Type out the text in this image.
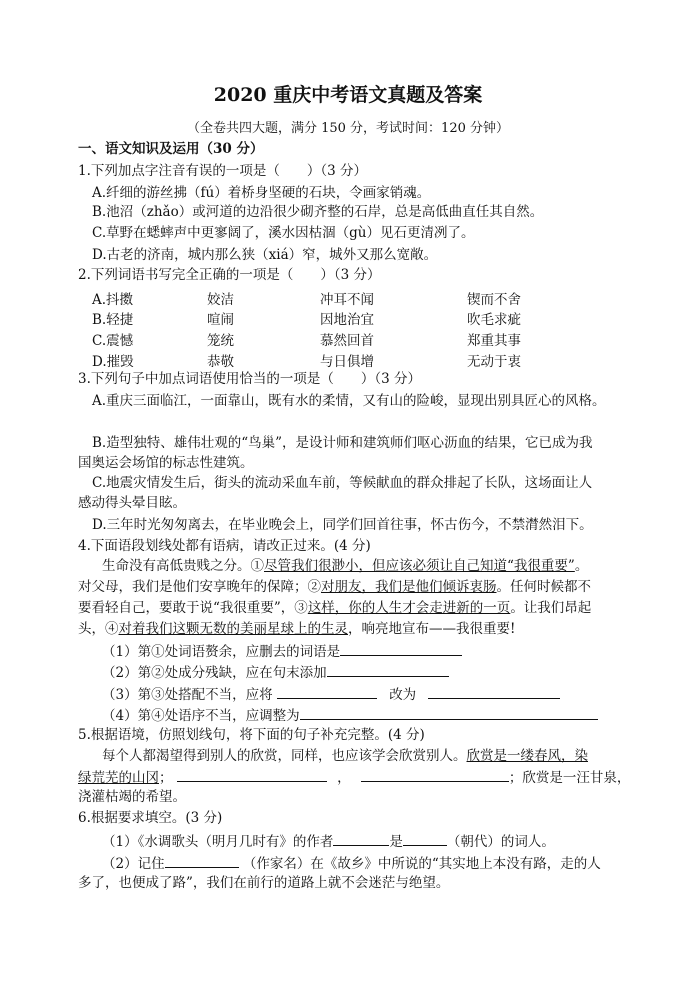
2020 重庆中考语文真题及答案
（全卷共四大题，满分 150 分，考试时间：120 分钟）
一、语文知识及运用（30 分）
1.下列加点字注音有误的一项是（　　）（3 分）
A.纤细的游丝拂（fú）着桥身坚硬的石块，令画家销魂。
B.池沼（zhǎo）或河道的边沿很少砌齐整的石岸，总是高低曲直任其自然。
C.草野在蟋蟀声中更寥阔了，溪水因枯涸（gù）见石更清冽了。
D.古老的济南，城内那么狭（xiá）窄，城外又那么宽敞。
2.下列词语书写完全正确的一项是（　　）（3 分）
A.抖擞	姣洁	冲耳不闻	锲而不舍
B.轻捷	喧闹	因地治宜	吹毛求疵
C.震憾	笼统	慕然回首	郑重其事
D.摧毁	恭敬	与日俱增	无动于衷
3.下列句子中加点词语使用恰当的一项是（　　）（3 分）
A.重庆三面临江，一面靠山，既有水的柔情，又有山的险峻，显现出别具匠心的风格。
B.造型独特、雄伟壮观的“鸟巢”，是设计师和建筑师们呕心沥血的结果，它已成为我
国奥运会场馆的标志性建筑。
C.地震灾情发生后，街头的流动采血车前，等候献血的群众排起了长队，这场面让人
感动得头晕目眩。
D.三年时光匆匆离去，在毕业晚会上，同学们回首往事，怀古伤今，不禁潸然泪下。
4.下面语段划线处都有语病，请改正过来。(4 分)
生命没有高低贵贱之分。①尽管我们很渺小，但应该必须让自己知道“我很重要”。
对父母，我们是他们安享晚年的保障；②对朋友，我们是他们倾诉衷肠。任何时候都不
要看轻自己，要敢于说“我很重要”，③这样，你的人生才会走进新的一页。让我们昂起
头，④对着我们这颗无数的美丽星球上的生灵，响亮地宣布——我很重要!
（1）第①处词语赘余，应删去的词语是
（2）第②处成分残缺，应在句末添加
（3）第③处搭配不当，应将	改为
（4）第④处语序不当，应调整为
5.根据语境，仿照划线句，将下面的句子补充完整。(4 分)
每个人都渴望得到别人的欣赏，同样，也应该学会欣赏别人。欣赏是一缕春风，染
绿荒芜的山冈；	，	；欣赏是一汪甘泉，
浇灌枯竭的希望。
6.根据要求填空。(3 分)
（1）《水调歌头（明月几时有》的作者	是	（朝代）的词人。
（2）记住	（作家名）在《故乡》中所说的“其实地上本没有路，走的人
多了，也便成了路”，我们在前行的道路上就不会迷茫与绝望。
